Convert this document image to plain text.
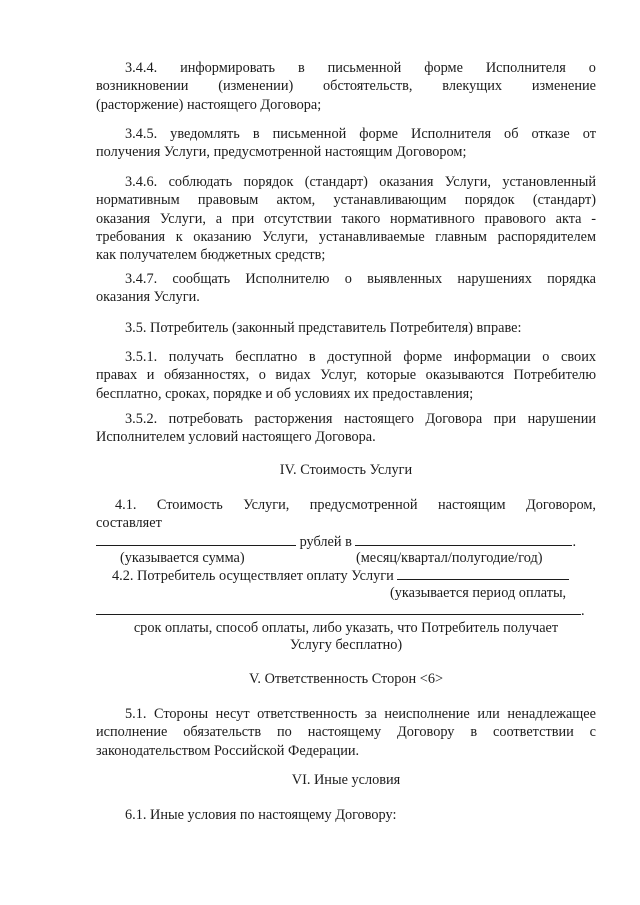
3.4.4. информировать в письменной форме Исполнителя о
возникновении (изменении) обстоятельств, влекущих изменение
(расторжение) настоящего Договора;
3.4.5. уведомлять в письменной форме Исполнителя об отказе от
получения Услуги, предусмотренной настоящим Договором;
3.4.6. соблюдать порядок (стандарт) оказания Услуги, установленный
нормативным правовым актом, устанавливающим порядок (стандарт)
оказания Услуги, а при отсутствии такого нормативного правового акта -
требования к оказанию Услуги, устанавливаемые главным распорядителем
как получателем бюджетных средств;
3.4.7. сообщать Исполнителю о выявленных нарушениях порядка
оказания Услуги.
3.5. Потребитель (законный представитель Потребителя) вправе:
3.5.1. получать бесплатно в доступной форме информации о своих
правах и обязанностях, о видах Услуг, которые оказываются Потребителю
бесплатно, сроках, порядке и об условиях их предоставления;
3.5.2. потребовать расторжения настоящего Договора при нарушении
Исполнителем условий настоящего Договора.
IV. Стоимость Услуги
4.1. Стоимость Услуги, предусмотренной настоящим Договором,
составляет
рублей в	.
(указывается сумма)	(месяц/квартал/полугодие/год)
4.2. Потребитель осуществляет оплату Услуги
(указывается период оплаты,
.
срок оплаты, способ оплаты, либо указать, что Потребитель получает
Услугу бесплатно)
V. Ответственность Сторон <6>
5.1. Стороны несут ответственность за неисполнение или ненадлежащее
исполнение обязательств по настоящему Договору в соответствии с
законодательством Российской Федерации.
VI. Иные условия
6.1. Иные условия по настоящему Договору:
